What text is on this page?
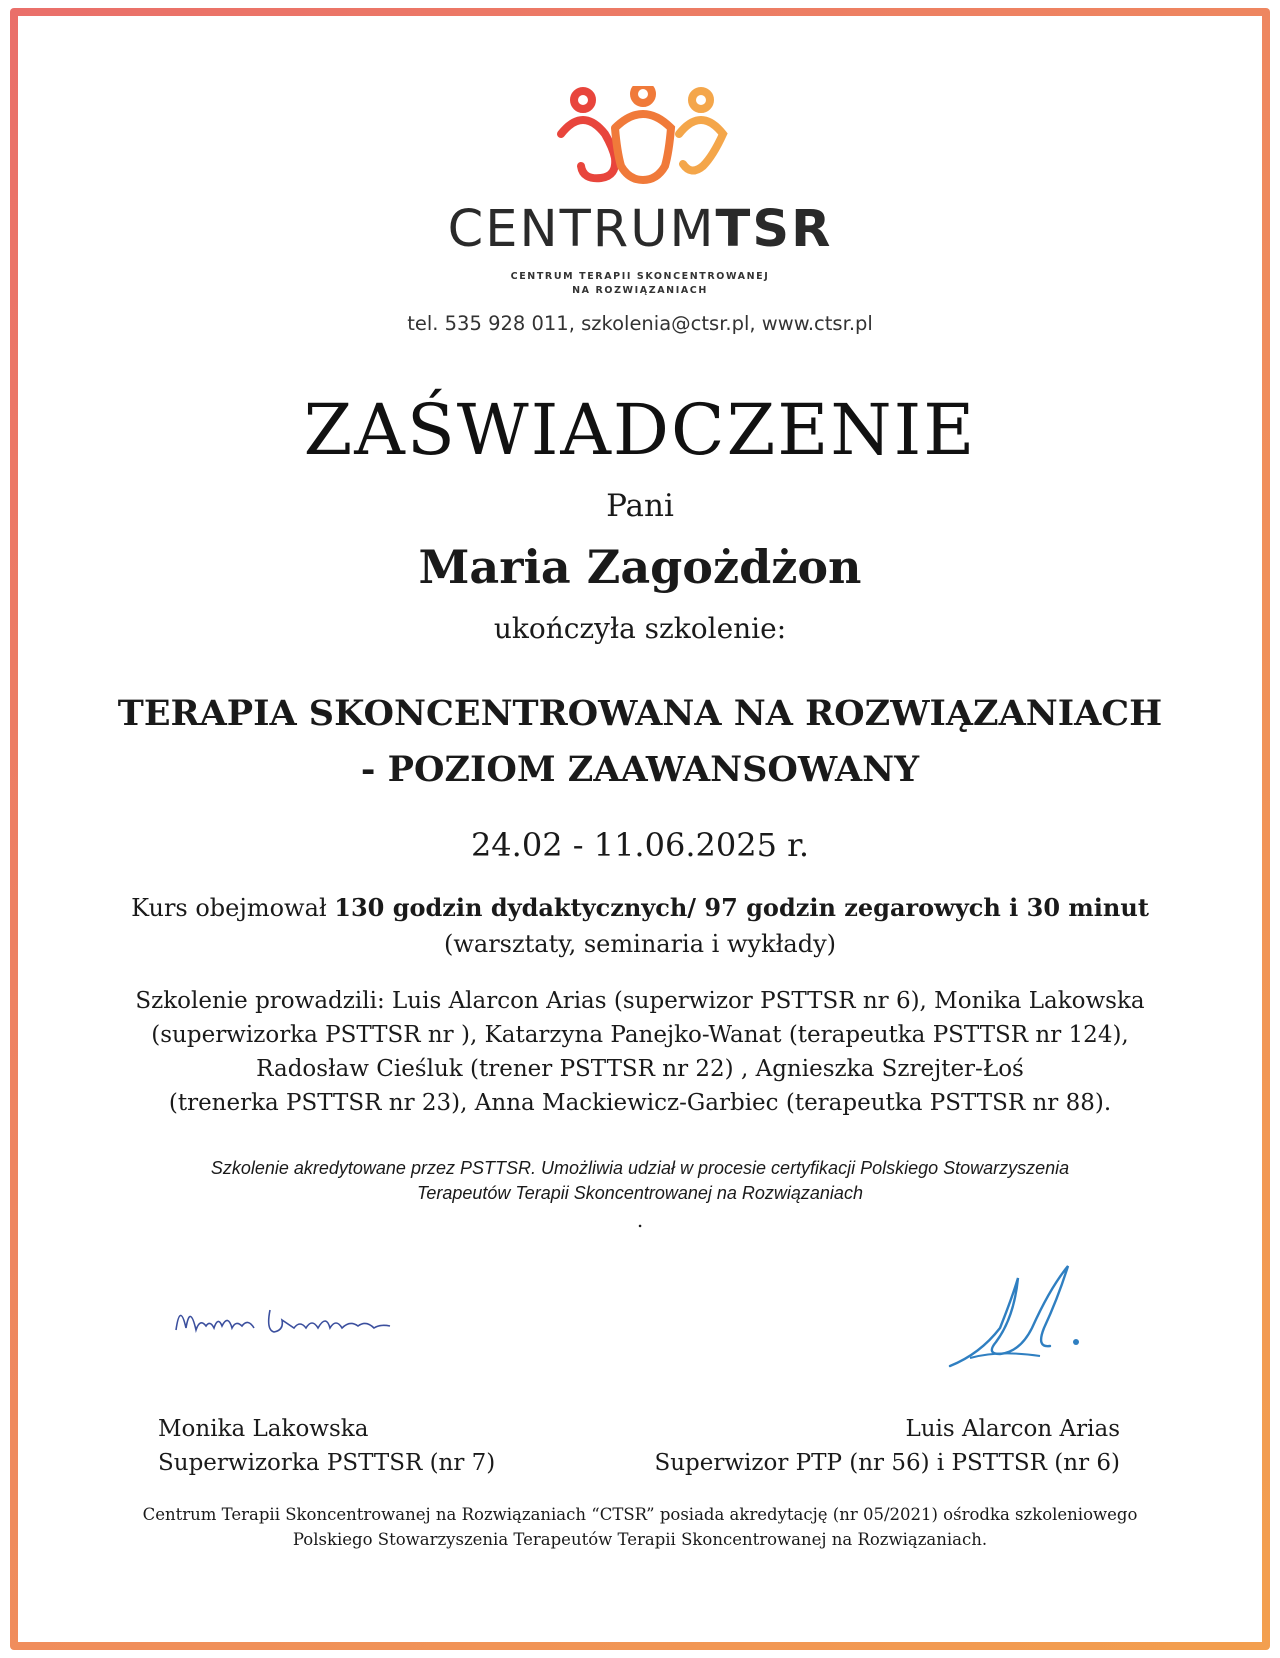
CENTRUMTSR
CENTRUM TERAPII SKONCENTROWANEJ
NA ROZWIĄZANIACH
tel. 535 928 011, szkolenia@ctsr.pl, www.ctsr.pl
ZAŚWIADCZENIE
Pani
Maria Zagożdżon
ukończyła szkolenie:
TERAPIA SKONCENTROWANA NA ROZWIĄZANIACH
- POZIOM ZAAWANSOWANY
24.02 - 11.06.2025 r.
Kurs obejmował 130 godzin dydaktycznych/ 97 godzin zegarowych i 30 minut
(warsztaty, seminaria i wykłady)
Szkolenie prowadzili: Luis Alarcon Arias (superwizor PSTTSR nr 6), Monika Lakowska
(superwizorka PSTTSR nr ), Katarzyna Panejko-Wanat (terapeutka PSTTSR nr 124),
Radosław Cieśluk (trener PSTTSR nr 22) , Agnieszka Szrejter-Łoś
(trenerka PSTTSR nr 23), Anna Mackiewicz-Garbiec (terapeutka PSTTSR nr 88).
Szkolenie akredytowane przez PSTTSR. Umożliwia udział w procesie certyfikacji Polskiego Stowarzyszenia
Terapeutów Terapii Skoncentrowanej na Rozwiązaniach
.
Monika Lakowska
Superwizorka PSTTSR (nr 7)
Luis Alarcon Arias
Superwizor PTP (nr 56) i PSTTSR (nr 6)
Centrum Terapii Skoncentrowanej na Rozwiązaniach “CTSR” posiada akredytację (nr 05/2021) ośrodka szkoleniowego
Polskiego Stowarzyszenia Terapeutów Terapii Skoncentrowanej na Rozwiązaniach.
